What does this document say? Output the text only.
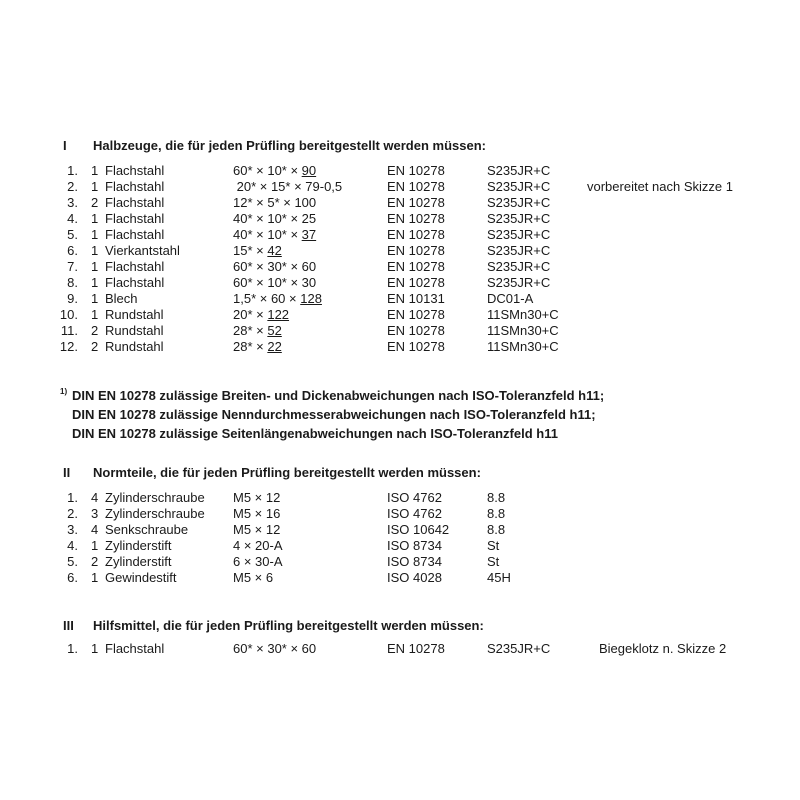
I Halbzeuge, die für jeden Prüfling bereitgestellt werden müssen:
1. 1 Flachstahl	60* × 10* × 90	EN 10278	S235JR+C
2. 1 Flachstahl	20* × 15* × 79-0,5	EN 10278	S235JR+C	vorbereitet nach Skizze 1
3. 2 Flachstahl	12* × 5* × 100	EN 10278	S235JR+C
4. 1 Flachstahl	40* × 10* × 25	EN 10278	S235JR+C
5. 1 Flachstahl	40* × 10* × 37	EN 10278	S235JR+C
6. 1 Vierkantstahl	15* × 42	EN 10278	S235JR+C
7. 1 Flachstahl	60* × 30* × 60	EN 10278	S235JR+C
8. 1 Flachstahl	60* × 10* × 30	EN 10278	S235JR+C
9. 1 Blech	1,5* × 60 × 128	EN 10131	DC01-A
10. 1 Rundstahl	20* × 122	EN 10278	11SMn30+C
11. 2 Rundstahl	28* × 52	EN 10278	11SMn30+C
12. 2 Rundstahl	28* × 22	EN 10278	11SMn30+C
1) DIN EN 10278 zulässige Breiten- und Dickenabweichungen nach ISO-Toleranzfeld h11;
DIN EN 10278 zulässige Nenndurchmesserabweichungen nach ISO-Toleranzfeld h11;
DIN EN 10278 zulässige Seitenlängenabweichungen nach ISO-Toleranzfeld h11
II Normteile, die für jeden Prüfling bereitgestellt werden müssen:
1. 4 Zylinderschraube M5 × 12	ISO 4762	8.8
2. 3 Zylinderschraube M5 × 16	ISO 4762	8.8
3. 4 Senkschraube	M5 × 12	ISO 10642	8.8
4. 1 Zylinderstift	4 × 20-A	ISO 8734	St
5. 2 Zylinderstift	6 × 30-A	ISO 8734	St
6. 1 Gewindestift	M5 × 6	ISO 4028	45H
III Hilfsmittel, die für jeden Prüfling bereitgestellt werden müssen:
1. 1 Flachstahl	60* × 30* × 60	EN 10278	S235JR+C	Biegeklotz n. Skizze 2
